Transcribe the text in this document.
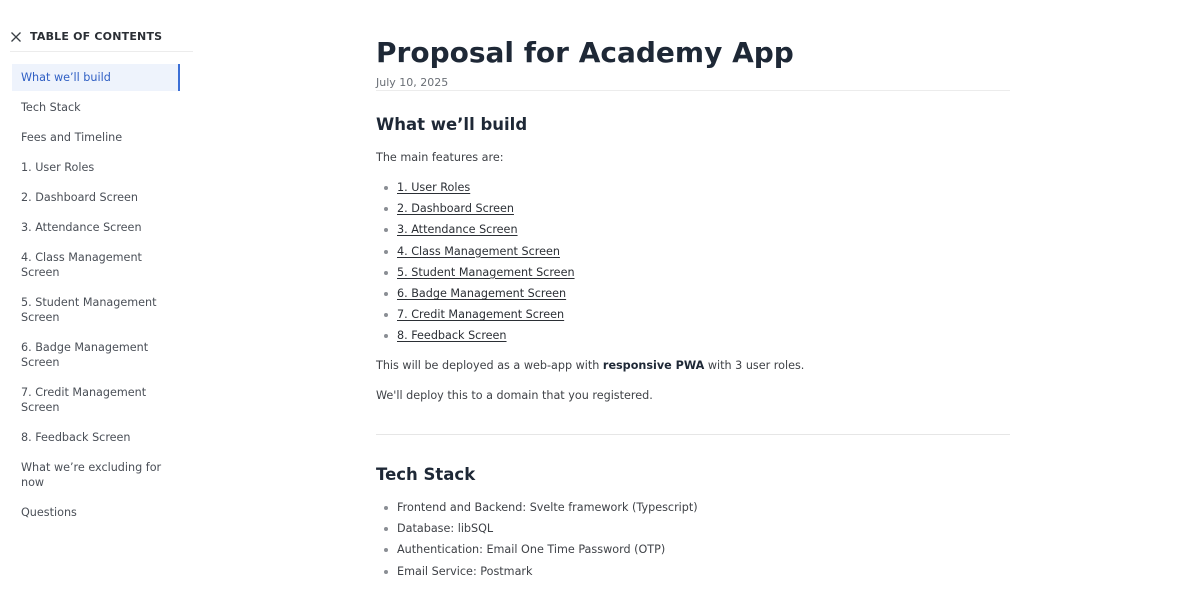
TABLE OF CONTENTS
What we’ll build
Tech Stack
Fees and Timeline
1. User Roles
2. Dashboard Screen
3. Attendance Screen
4. Class Management Screen
5. Student Management Screen
6. Badge Management Screen
7. Credit Management Screen
8. Feedback Screen
What we’re excluding for now
Questions
Proposal for Academy App
July 10, 2025
What we’ll build

The main features are:

1. User Roles
2. Dashboard Screen
3. Attendance Screen
4. Class Management Screen
5. Student Management Screen
6. Badge Management Screen
7. Credit Management Screen
8. Feedback Screen

This will be deployed as a web-app with responsive PWA with 3 user roles.

We'll deploy this to a domain that you registered.

Tech Stack
Frontend and Backend: Svelte framework (Typescript)
Database: libSQL
Authentication: Email One Time Password (OTP)
Email Service: Postmark
